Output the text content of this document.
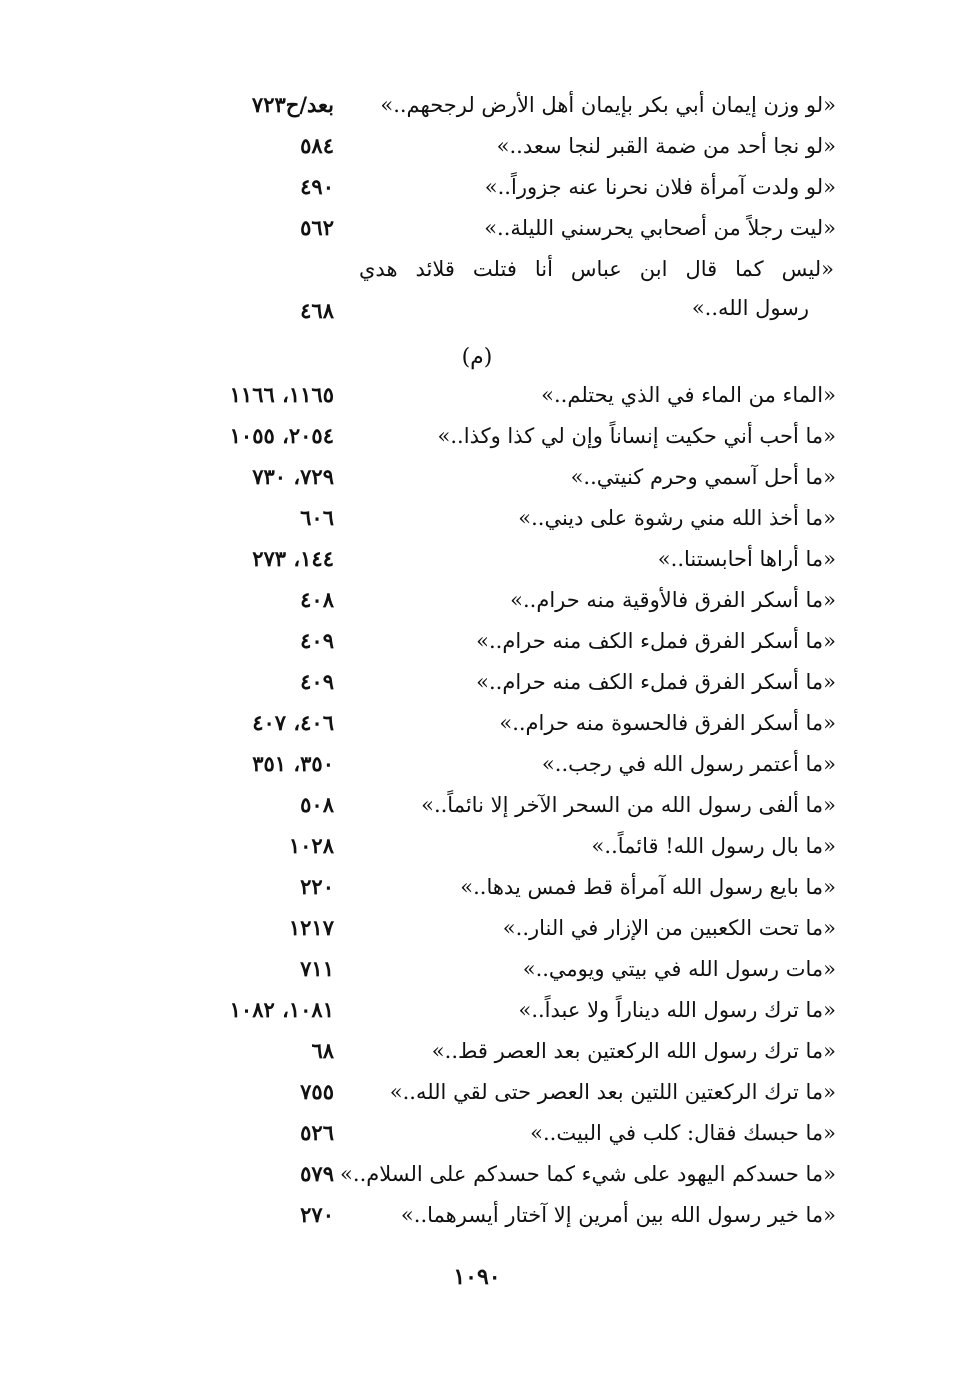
«لو وزن إيمان أبي بكر بإيمان أهل الأرض لرجحهم..»
بعد/ح٧٢٣
«لو نجا أحد من ضمة القبر لنجا سعد..»
٥٨٤
«لو ولدت آمرأة فلان نحرنا عنه جزوراً..»
٤٩٠
«ليت رجلاً من أصحابي يحرسني الليلة..»
٥٦٢
«ليس كما قال ابن عباس أنا فتلت قلائد هدي
رسول الله..»
٤٦٨
(م)
«الماء من الماء في الذي يحتلم..»
١١٦٥، ١١٦٦
«ما أحب أني حكيت إنساناً وإن لي كذا وكذا..»
٢٠٥٤، ١٠٥٥
«ما أحل آسمي وحرم كنيتي..»
٧٢٩، ٧٣٠
«ما أخذ الله مني رشوة على ديني..»
٦٠٦
«ما أراها أحابستنا..»
١٤٤، ٢٧٣
«ما أسكر الفرق فالأوقية منه حرام..»
٤٠٨
«ما أسكر الفرق فملء الكف منه حرام..»
٤٠٩
«ما أسكر الفرق فملء الكف منه حرام..»
٤٠٩
«ما أسكر الفرق فالحسوة منه حرام..»
٤٠٦، ٤٠٧
«ما أعتمر رسول الله في رجب..»
٣٥٠، ٣٥١
«ما ألفى رسول الله من السحر الآخر إلا نائماً..»
٥٠٨
«ما بال رسول الله! قائماً..»
١٠٢٨
«ما بايع رسول الله آمرأة قط فمس يدها..»
٢٢٠
«ما تحت الكعبين من الإزار في النار..»
١٢١٧
«مات رسول الله في بيتي ويومي..»
٧١١
«ما ترك رسول الله ديناراً ولا عبداً..»
١٠٨١، ١٠٨٢
«ما ترك رسول الله الركعتين بعد العصر قط..»
٦٨
«ما ترك الركعتين اللتين بعد العصر حتى لقي الله..»
٧٥٥
«ما حبسك فقال: كلب في البيت..»
٥٢٦
«ما حسدكم اليهود على شيء كما حسدكم على السلام..»
٥٧٩
«ما خير رسول الله بين أمرين إلا آختار أيسرهما..»
٢٧٠
١٠٩٠
